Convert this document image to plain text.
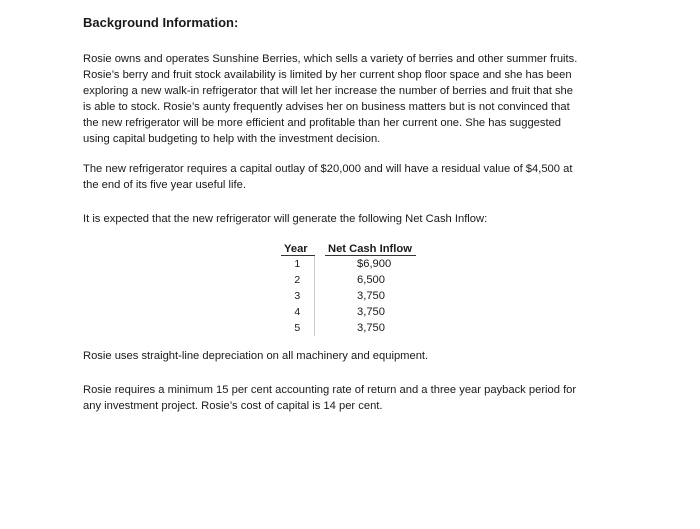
Background Information:

Rosie owns and operates Sunshine Berries, which sells a variety of berries and other summer fruits.
Rosie’s berry and fruit stock availability is limited by her current shop floor space and she has been
exploring a new walk-in refrigerator that will let her increase the number of berries and fruit that she
is able to stock. Rosie’s aunty frequently advises her on business matters but is not convinced that
the new refrigerator will be more efficient and profitable than her current one. She has suggested
using capital budgeting to help with the investment decision.

The new refrigerator requires a capital outlay of $20,000 and will have a residual value of $4,500 at
the end of its five year useful life.

It is expected that the new refrigerator will generate the following Net Cash Inflow:

Year		Net Cash Inflow
1		$6,900
2		6,500
3		3,750
4		3,750
5		3,750

Rosie uses straight-line depreciation on all machinery and equipment.

Rosie requires a minimum 15 per cent accounting rate of return and a three year payback period for
any investment project. Rosie’s cost of capital is 14 per cent.
